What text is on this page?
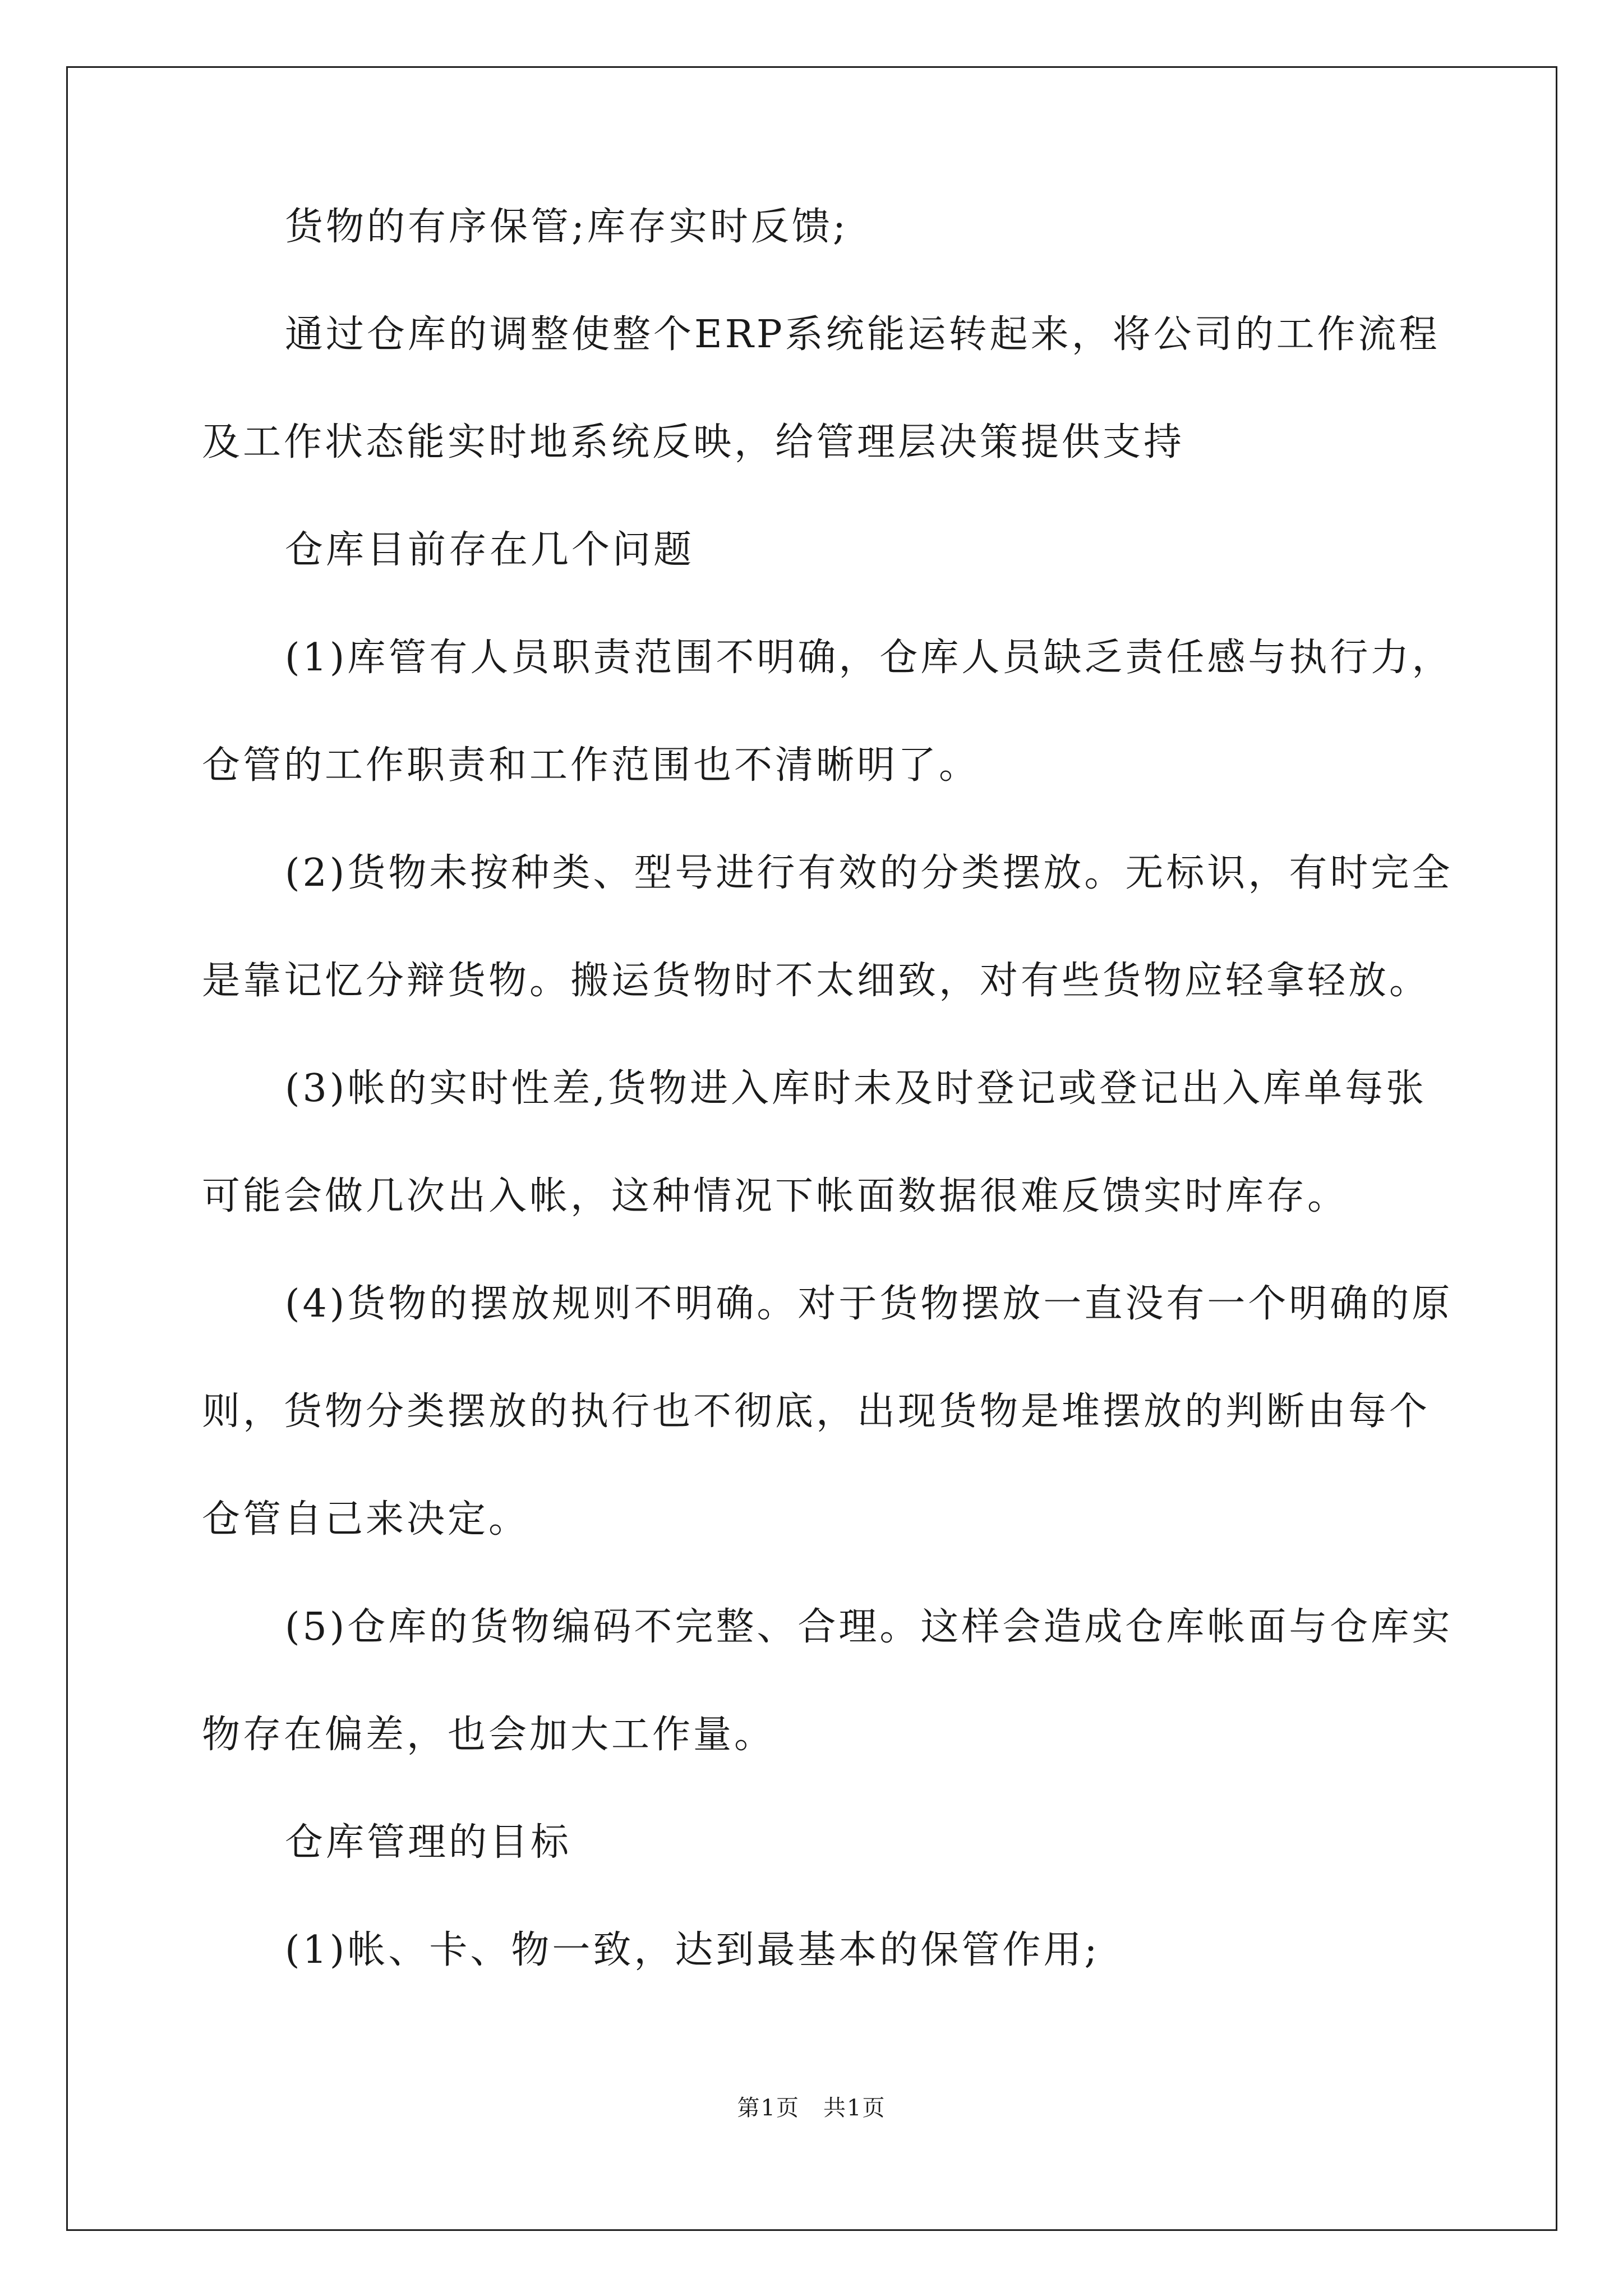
货物的有序保管;库存实时反馈;
通过仓库的调整使整个ERP系统能运转起来，将公司的工作流程
及工作状态能实时地系统反映，给管理层决策提供支持
仓库目前存在几个问题
(1)库管有人员职责范围不明确，仓库人员缺乏责任感与执行力，
仓管的工作职责和工作范围也不清晰明了。
(2)货物未按种类、型号进行有效的分类摆放。无标识，有时完全
是靠记忆分辩货物。搬运货物时不太细致，对有些货物应轻拿轻放。
(3)帐的实时性差,货物进入库时未及时登记或登记出入库单每张
可能会做几次出入帐，这种情况下帐面数据很难反馈实时库存。
(4)货物的摆放规则不明确。对于货物摆放一直没有一个明确的原
则，货物分类摆放的执行也不彻底，出现货物是堆摆放的判断由每个
仓管自己来决定。
(5)仓库的货物编码不完整、合理。这样会造成仓库帐面与仓库实
物存在偏差，也会加大工作量。
仓库管理的目标
(1)帐、卡、物一致，达到最基本的保管作用;
第1页　共1页
